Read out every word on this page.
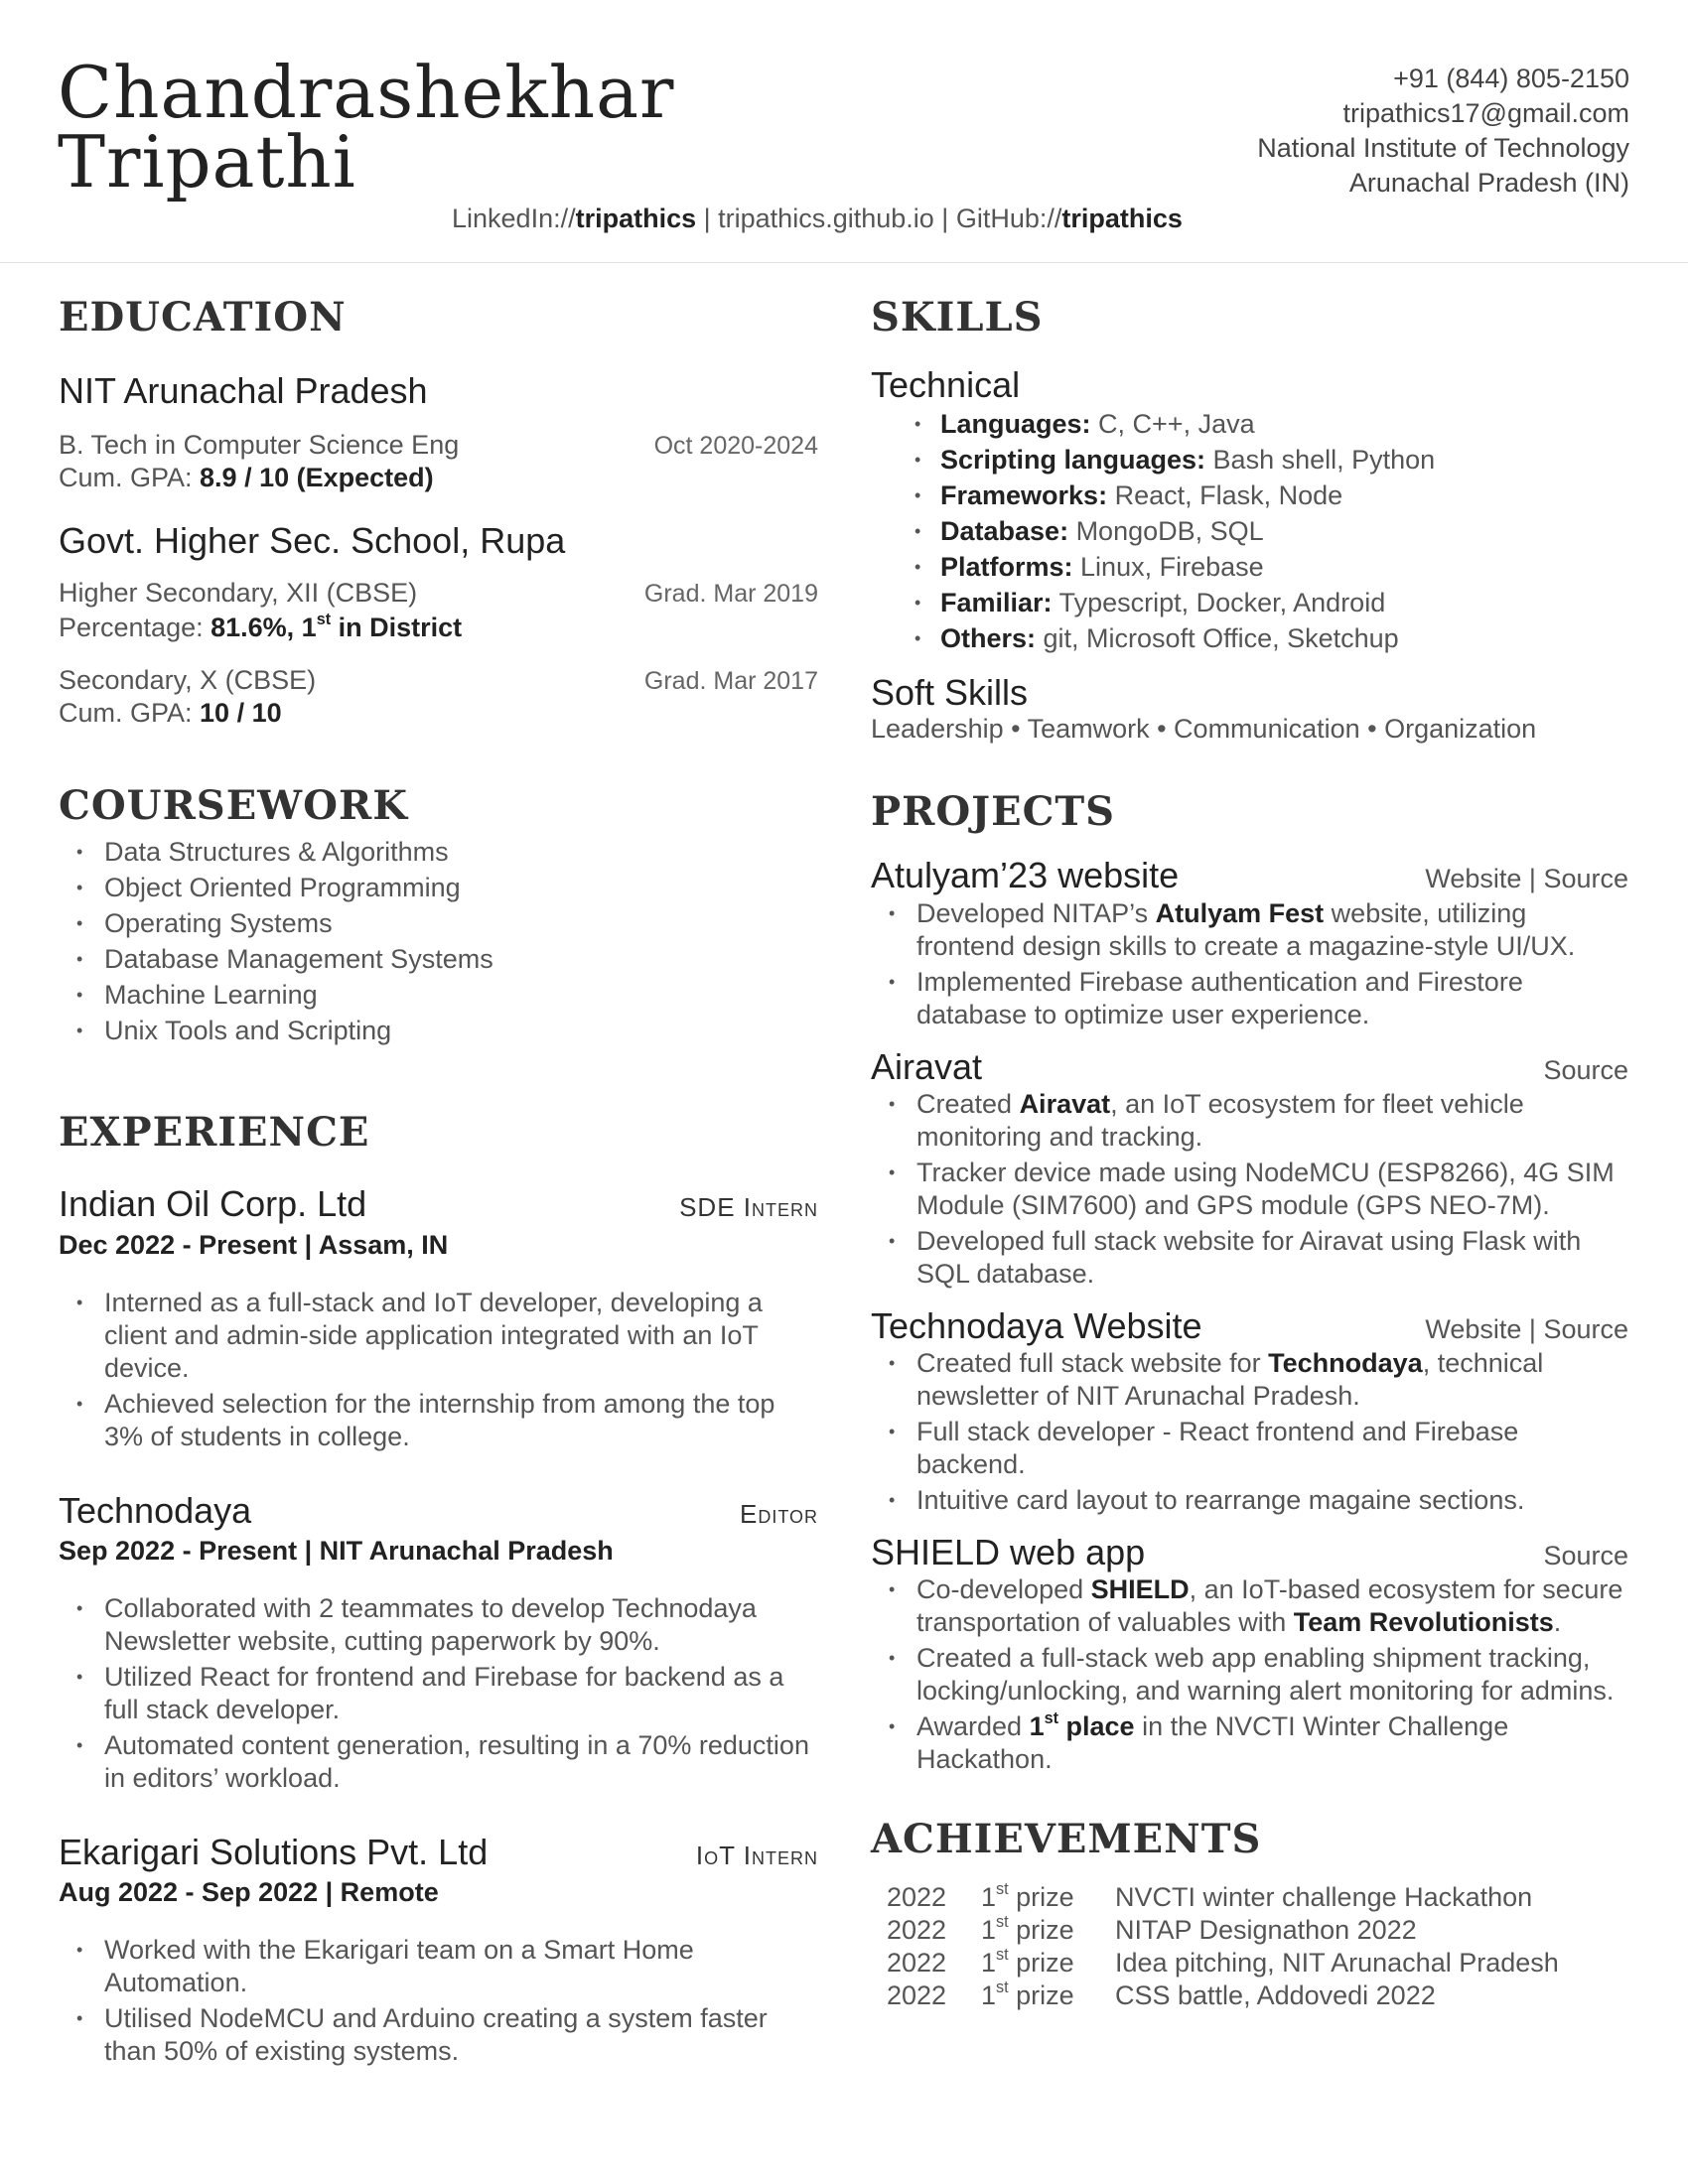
Chandrashekhar
Tripathi
LinkedIn://tripathics | tripathics.github.io | GitHub://tripathics
+91 (844) 805-2150
tripathics17@gmail.com
National Institute of Technology
Arunachal Pradesh (IN)
EDUCATION
NIT Arunachal Pradesh
B. Tech in Computer Science Eng	Oct 2020-2024
Cum. GPA: 8.9 / 10 (Expected)
Govt. Higher Sec. School, Rupa
Higher Secondary, XII (CBSE)	Grad. Mar 2019
Percentage: 81.6%, 1st in District
Secondary, X (CBSE)	Grad. Mar 2017
Cum. GPA: 10 / 10
COURSEWORK
• Data Structures & Algorithms
• Object Oriented Programming
• Operating Systems
• Database Management Systems
• Machine Learning
• Unix Tools and Scripting
EXPERIENCE
Indian Oil Corp. Ltd	SDE Intern
Dec 2022 - Present | Assam, IN
• Interned as a full-stack and IoT developer, developing a client and admin-side application integrated with an IoT device.
• Achieved selection for the internship from among the top 3% of students in college.
Technodaya	Editor
Sep 2022 - Present | NIT Arunachal Pradesh
• Collaborated with 2 teammates to develop Technodaya Newsletter website, cutting paperwork by 90%.
• Utilized React for frontend and Firebase for backend as a full stack developer.
• Automated content generation, resulting in a 70% reduction in editors’ workload.
Ekarigari Solutions Pvt. Ltd	IoT Intern
Aug 2022 - Sep 2022 | Remote
• Worked with the Ekarigari team on a Smart Home Automation.
• Utilised NodeMCU and Arduino creating a system faster than 50% of existing systems.
SKILLS
Technical
• Languages: C, C++, Java
• Scripting languages: Bash shell, Python
• Frameworks: React, Flask, Node
• Database: MongoDB, SQL
• Platforms: Linux, Firebase
• Familiar: Typescript, Docker, Android
• Others: git, Microsoft Office, Sketchup
Soft Skills
Leadership • Teamwork • Communication • Organization
PROJECTS
Atulyam’23 website	Website | Source
• Developed NITAP’s Atulyam Fest website, utilizing frontend design skills to create a magazine-style UI/UX.
• Implemented Firebase authentication and Firestore database to optimize user experience.
Airavat	Source
• Created Airavat, an IoT ecosystem for fleet vehicle monitoring and tracking.
• Tracker device made using NodeMCU (ESP8266), 4G SIM Module (SIM7600) and GPS module (GPS NEO-7M).
• Developed full stack website for Airavat using Flask with SQL database.
Technodaya Website	Website | Source
• Created full stack website for Technodaya, technical newsletter of NIT Arunachal Pradesh.
• Full stack developer - React frontend and Firebase backend.
• Intuitive card layout to rearrange magaine sections.
SHIELD web app	Source
• Co-developed SHIELD, an IoT-based ecosystem for secure transportation of valuables with Team Revolutionists.
• Created a full-stack web app enabling shipment tracking, locking/unlocking, and warning alert monitoring for admins.
• Awarded 1st place in the NVCTI Winter Challenge Hackathon.
ACHIEVEMENTS
2022	1st prize	NVCTI winter challenge Hackathon
2022	1st prize	NITAP Designathon 2022
2022	1st prize	Idea pitching, NIT Arunachal Pradesh
2022	1st prize	CSS battle, Addovedi 2022
